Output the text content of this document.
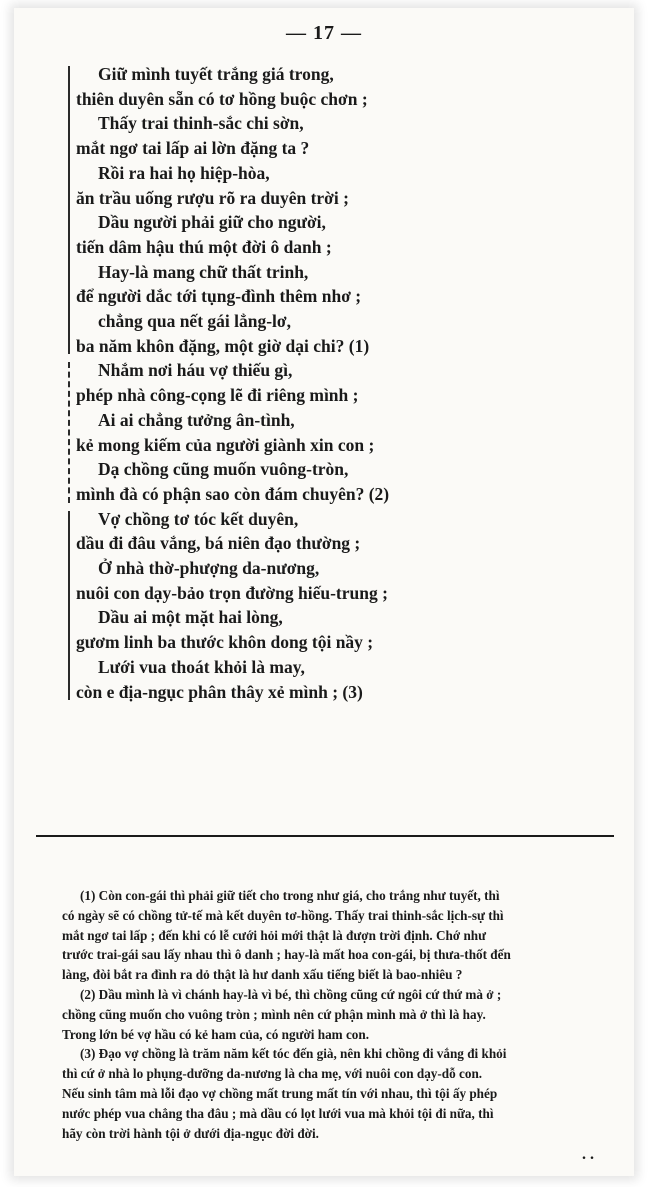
— 17 —
Giữ mình tuyết trắng giá trong,
thiên duyên sẵn có tơ hồng buộc chơn ;
Thấy trai thinh-sắc chi sờn,
mắt ngơ tai lấp ai lờn đặng ta ?
Rồi ra hai họ hiệp-hòa,
ăn trầu uống rượu rõ ra duyên trời ;
Dầu người phải giữ cho người,
tiến dâm hậu thú một đời ô danh ;
Hay-là mang chữ thất trinh,
để người dắc tới tụng-đình thêm nhơ ;
chẳng qua nết gái lẳng-lơ,
ba năm khôn đặng, một giờ dại chi? (1)
Nhắm nơi háu vợ thiếu gì,
phép nhà công-cọng lẽ đi riêng mình ;
Ai ai chẳng tưởng ân-tình,
kẻ mong kiếm của người giành xin con ;
Dạ chồng cũng muốn vuông-tròn,
mình đà có phận sao còn đám chuyên? (2)
Vợ chồng tơ tóc kết duyên,
dầu đi đâu vắng, bá niên đạo thường ;
Ở nhà thờ-phượng da-nương,
nuôi con dạy-bảo trọn đường hiếu-trung ;
Dầu ai một mặt hai lòng,
gươm linh ba thước khôn dong tội nầy ;
Lưới vua thoát khỏi là may,
còn e địa-ngục phân thây xẻ mình ; (3)
(1) Còn con-gái thì phải giữ tiết cho trong như giá, cho trắng như tuyết, thì
có ngày sẽ có chồng tử-tế mà kết duyên tơ-hồng. Thấy trai thinh-sắc lịch-sự thì
mắt ngơ tai lấp ; đến khi có lễ cưới hỏi mới thật là đượn trời định. Chớ như
trước trai-gái sau lấy nhau thì ô danh ; hay-là mất hoa con-gái, bị thưa-thốt đến
làng, đòi bắt ra đình ra dỏ thật là hư danh xấu tiếng biết là bao-nhiêu ?
(2) Dầu mình là vì chánh hay-là vì bé, thì chồng cũng cứ ngôi cứ thứ mà ở ;
chồng cũng muốn cho vuông tròn ; mình nên cứ phận mình mà ở thì là hay.
Trong lớn bé vợ hầu có kẻ ham của, có người ham con.
(3) Đạo vợ chồng là trăm năm kết tóc đến già, nên khi chồng đi vắng đi khỏi
thì cứ ở nhà lo phụng-dưỡng da-nương là cha mẹ, với nuôi con dạy-dỗ con.
Nếu sinh tâm mà lỗi đạo vợ chồng mất trung mất tín với nhau, thì tội ấy phép
nước phép vua chẳng tha đâu ; mà dầu có lọt lưới vua mà khỏi tội đi nữa, thì
hãy còn trời hành tội ở dưới địa-ngục đời đời.
. .
